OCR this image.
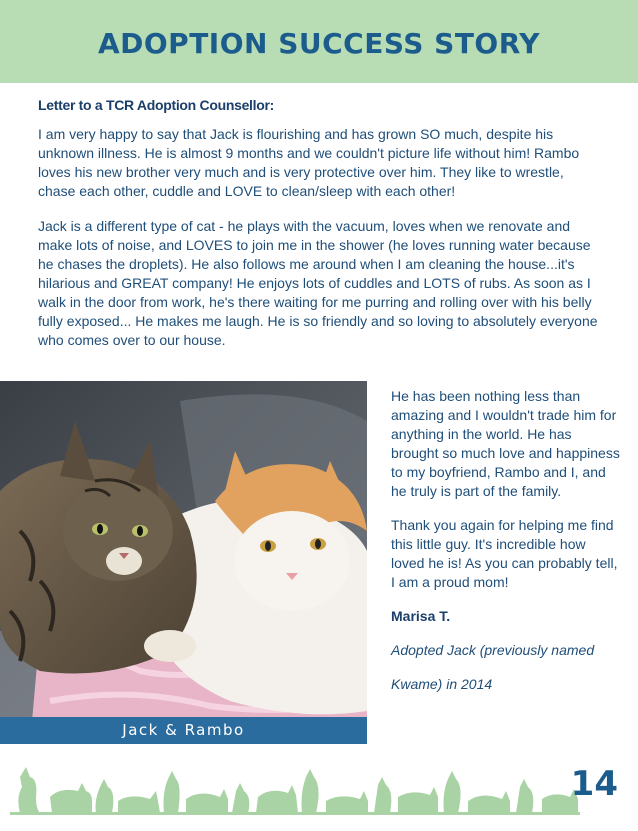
ADOPTION SUCCESS STORY

Letter to a TCR Adoption Counsellor:

I am very happy to say that Jack is flourishing and has grown SO much, despite his unknown illness. He is almost 9 months and we couldn't picture life without him! Rambo loves his new brother very much and is very protective over him. They like to wrestle, chase each other, cuddle and LOVE to clean/sleep with each other!

Jack is a different type of cat - he plays with the vacuum, loves when we renovate and make lots of noise, and LOVES to join me in the shower (he loves running water because he chases the droplets). He also follows me around when I am cleaning the house...it's hilarious and GREAT company! He enjoys lots of cuddles and LOTS of rubs. As soon as I walk in the door from work, he's there waiting for me purring and rolling over with his belly fully exposed... He makes me laugh. He is so friendly and so loving to absolutely everyone who comes over to our house.

Jack & Rambo

He has been nothing less than amazing and I wouldn't trade him for anything in the world. He has brought so much love and happiness to my boyfriend, Rambo and I, and he truly is part of the family.

Thank you again for helping me find this little guy. It's incredible how loved he is! As you can probably tell, I am a proud mom!

Marisa T.

Adopted Jack (previously named

Kwame) in 2014

14
